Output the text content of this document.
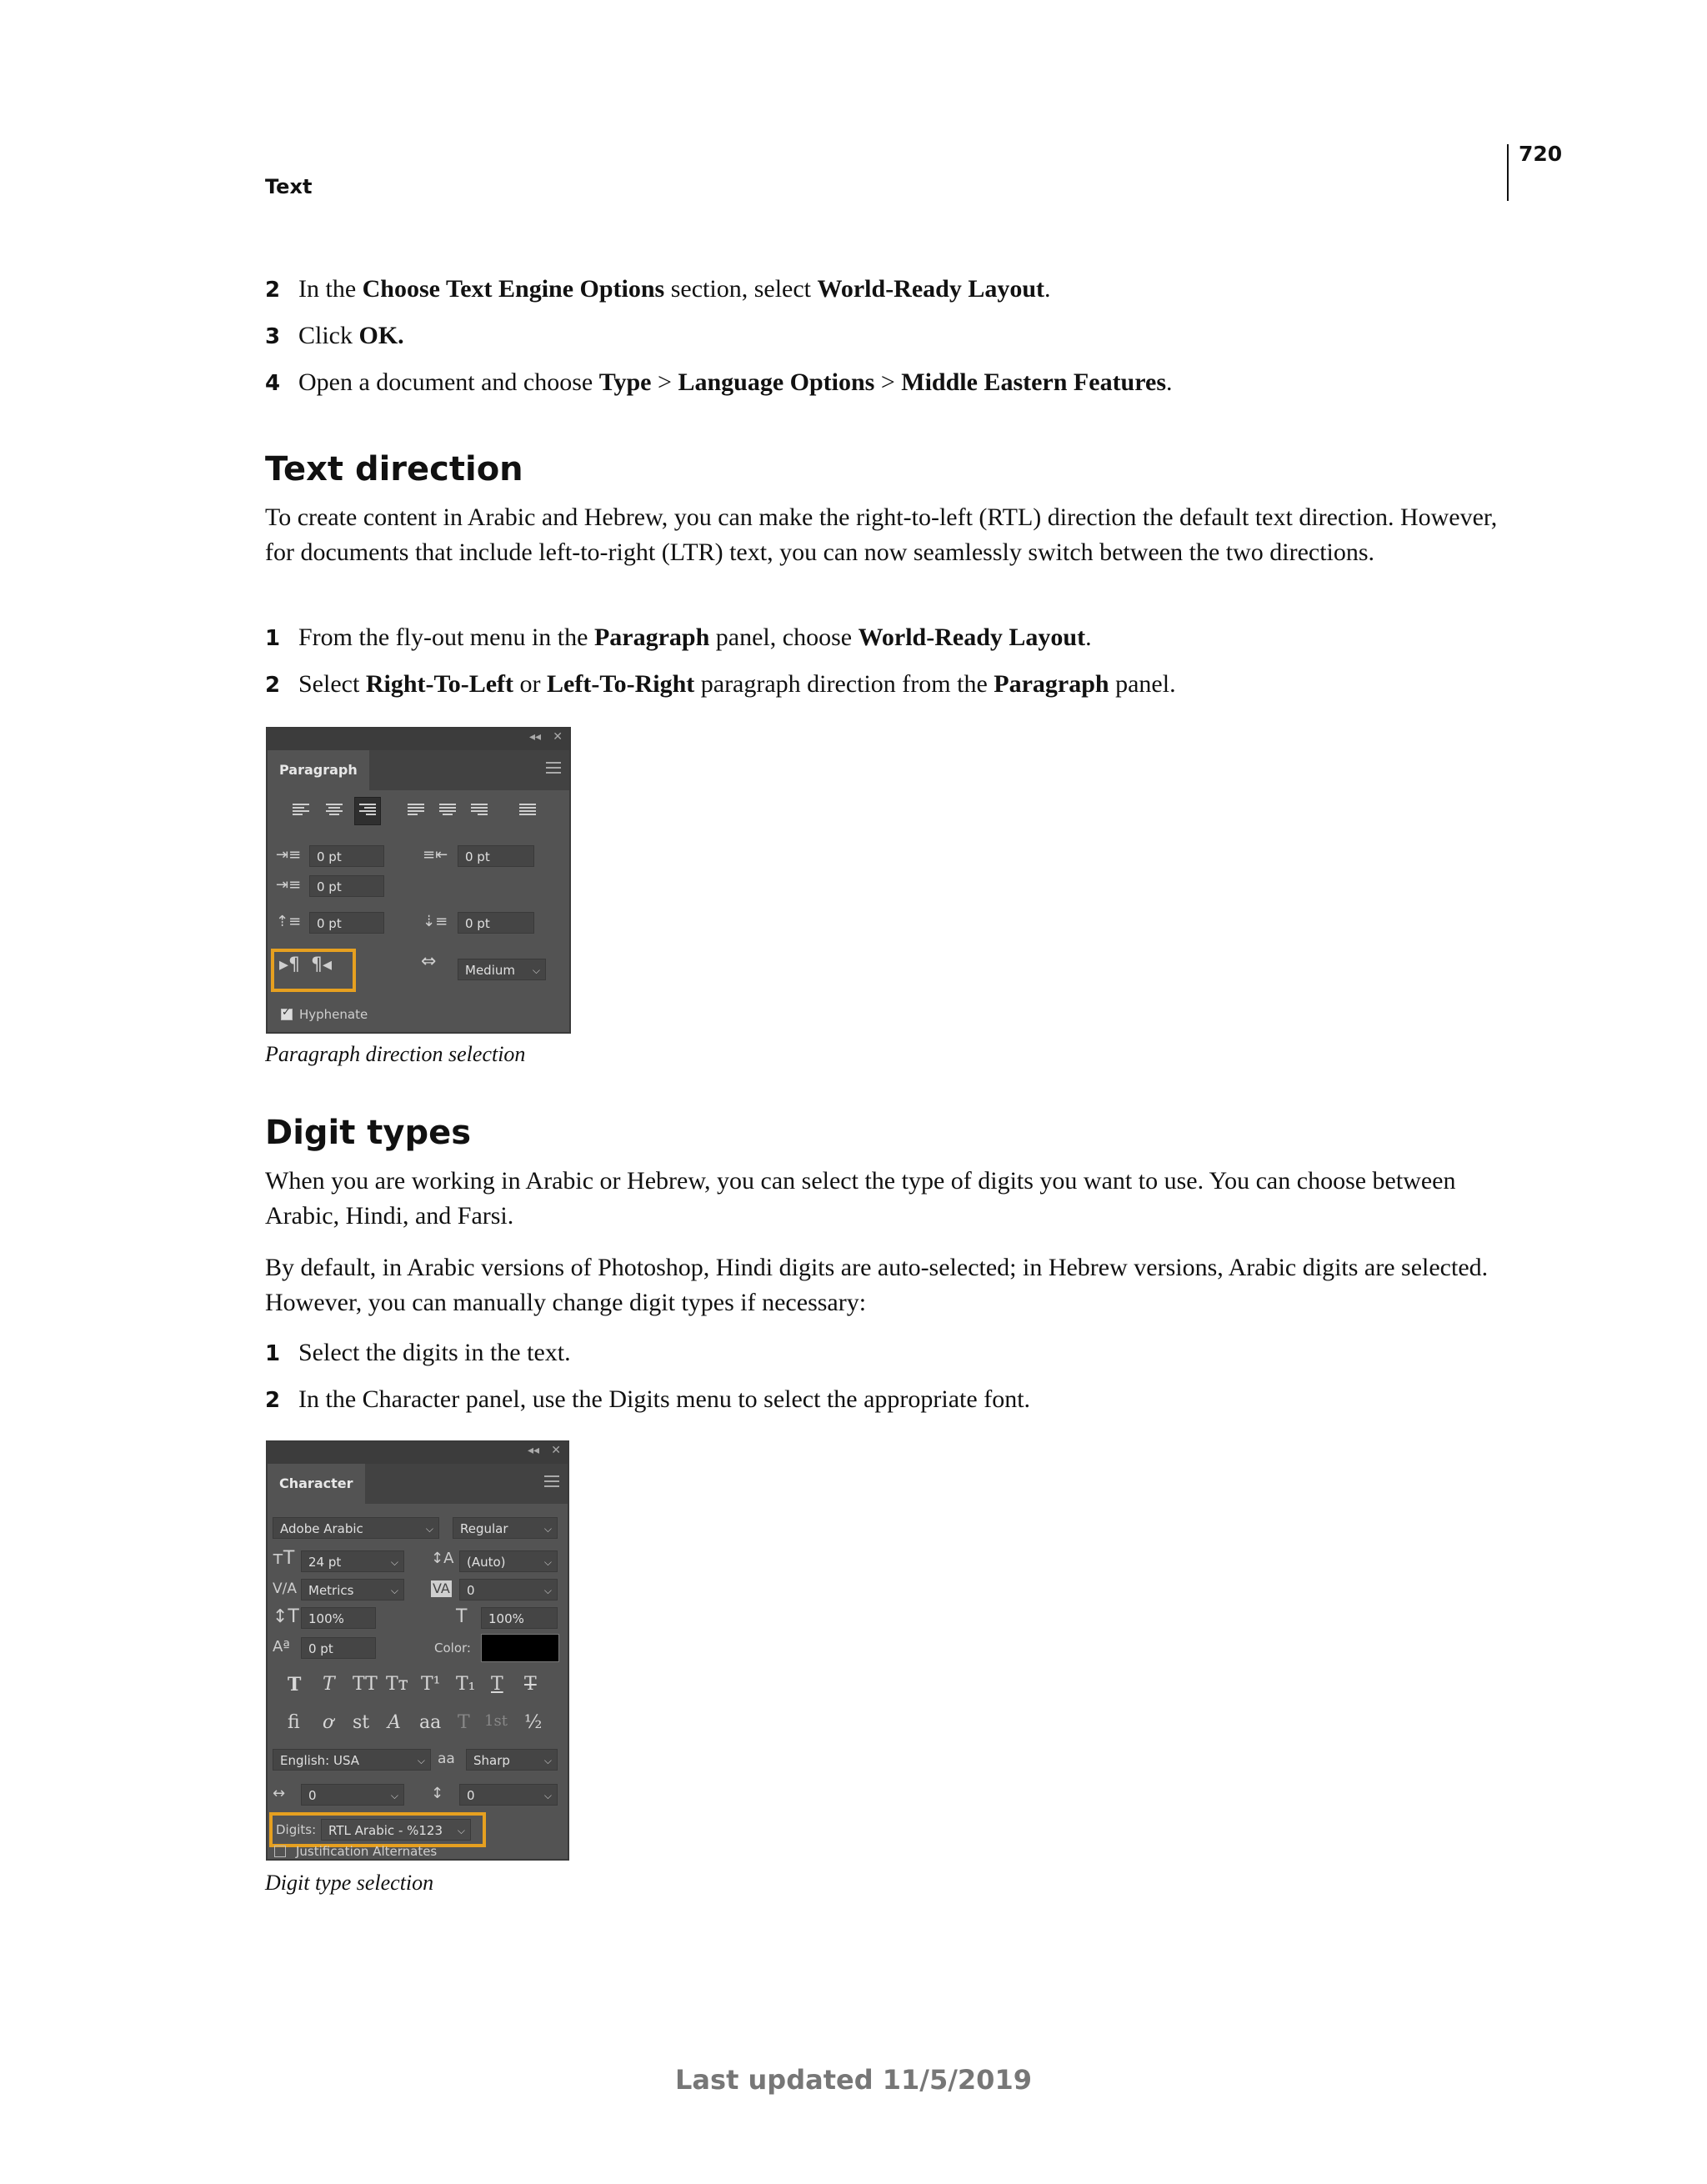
720
Text
2 In the Choose Text Engine Options section, select World-Ready Layout.
3 Click OK.
4 Open a document and choose Type > Language Options > Middle Eastern Features.
Text direction

To create content in Arabic and Hebrew, you can make the right-to-left (RTL) direction the default text direction. However, for documents that include left-to-right (LTR) text, you can now seamlessly switch between the two directions.

1 From the fly-out menu in the Paragraph panel, choose World-Ready Layout.
2 Select Right-To-Left or Left-To-Right paragraph direction from the Paragraph panel.
◂◂ ✕
Paragraph
⇥≡	0 pt	≡⇤	0 pt
⇥≡	0 pt
⇡≡	0 pt	⇣≡	0 pt
▸¶ ¶◂	⇔	Medium ⌵
✓
Hyphenate
Paragraph direction selection
Digit types

When you are working in Arabic or Hebrew, you can select the type of digits you want to use. You can choose between Arabic, Hindi, and Farsi.

By default, in Arabic versions of Photoshop, Hindi digits are auto-selected; in Hebrew versions, Arabic digits are selected. However, you can manually change digit types if necessary:

1 Select the digits in the text.
2 In the Character panel, use the Digits menu to select the appropriate font.
◂◂ ✕
Character
Adobe Arabic	⌵	Regular	⌵
ᴛT	24 pt	⌵ ↕A	(Auto)	⌵
V/A Metrics	⌵	VA	0	⌵
↕T 100%	T	100%
Aª	0 pt	Color:
T T TT Tт T¹ T₁ T T
fi ơ st A aa T 1st ½
English: USA	⌵ aa	Sharp	⌵
↔	0	⌵ ↕	0	⌵
Digits: RTL Arabic - %123 ⌵
Justification Alternates
Digit type selection
Last updated 11/5/2019
